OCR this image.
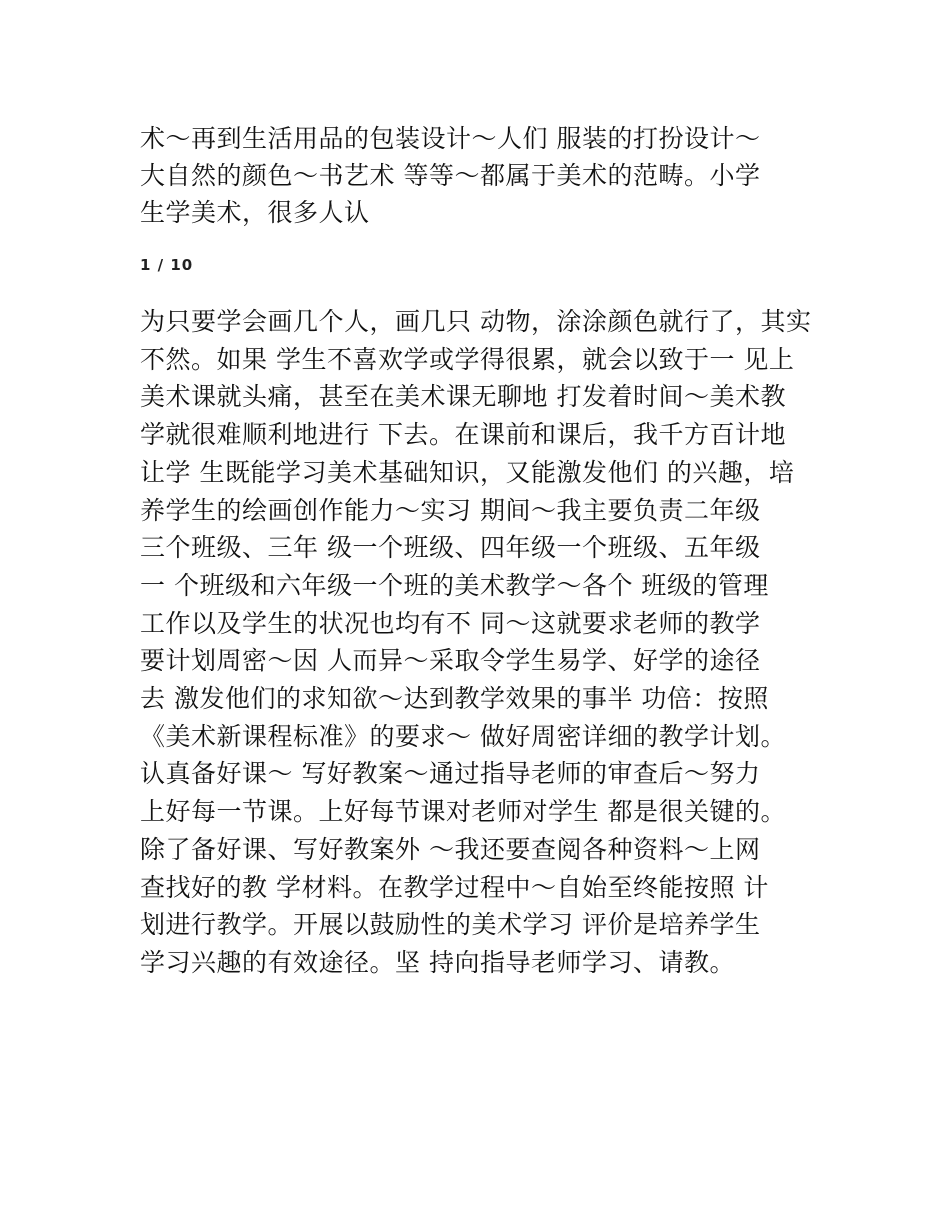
术～再到生活用品的包装设计～人们 服装的打扮设计～
大自然的颜色～书艺术 等等～都属于美术的范畴。小学
生学美术，很多人认
1 / 10
为只要学会画几个人，画几只 动物，涂涂颜色就行了，其实
不然。如果 学生不喜欢学或学得很累，就会以致于一 见上
美术课就头痛，甚至在美术课无聊地 打发着时间～美术教
学就很难顺利地进行 下去。在课前和课后，我千方百计地
让学 生既能学习美术基础知识，又能激发他们 的兴趣，培
养学生的绘画创作能力～实习 期间～我主要负责二年级
三个班级、三年 级一个班级、四年级一个班级、五年级
一 个班级和六年级一个班的美术教学～各个 班级的管理
工作以及学生的状况也均有不 同～这就要求老师的教学
要计划周密～因 人而异～采取令学生易学、好学的途径
去 激发他们的求知欲～达到教学效果的事半 功倍：按照
《美术新课程标准》的要求～ 做好周密详细的教学计划。
认真备好课～ 写好教案～通过指导老师的审查后～努力
上好每一节课。上好每节课对老师对学生 都是很关键的。
除了备好课、写好教案外 ～我还要查阅各种资料～上网
查找好的教 学材料。在教学过程中～自始至终能按照 计
划进行教学。开展以鼓励性的美术学习 评价是培养学生
学习兴趣的有效途径。坚 持向指导老师学习、请教。
